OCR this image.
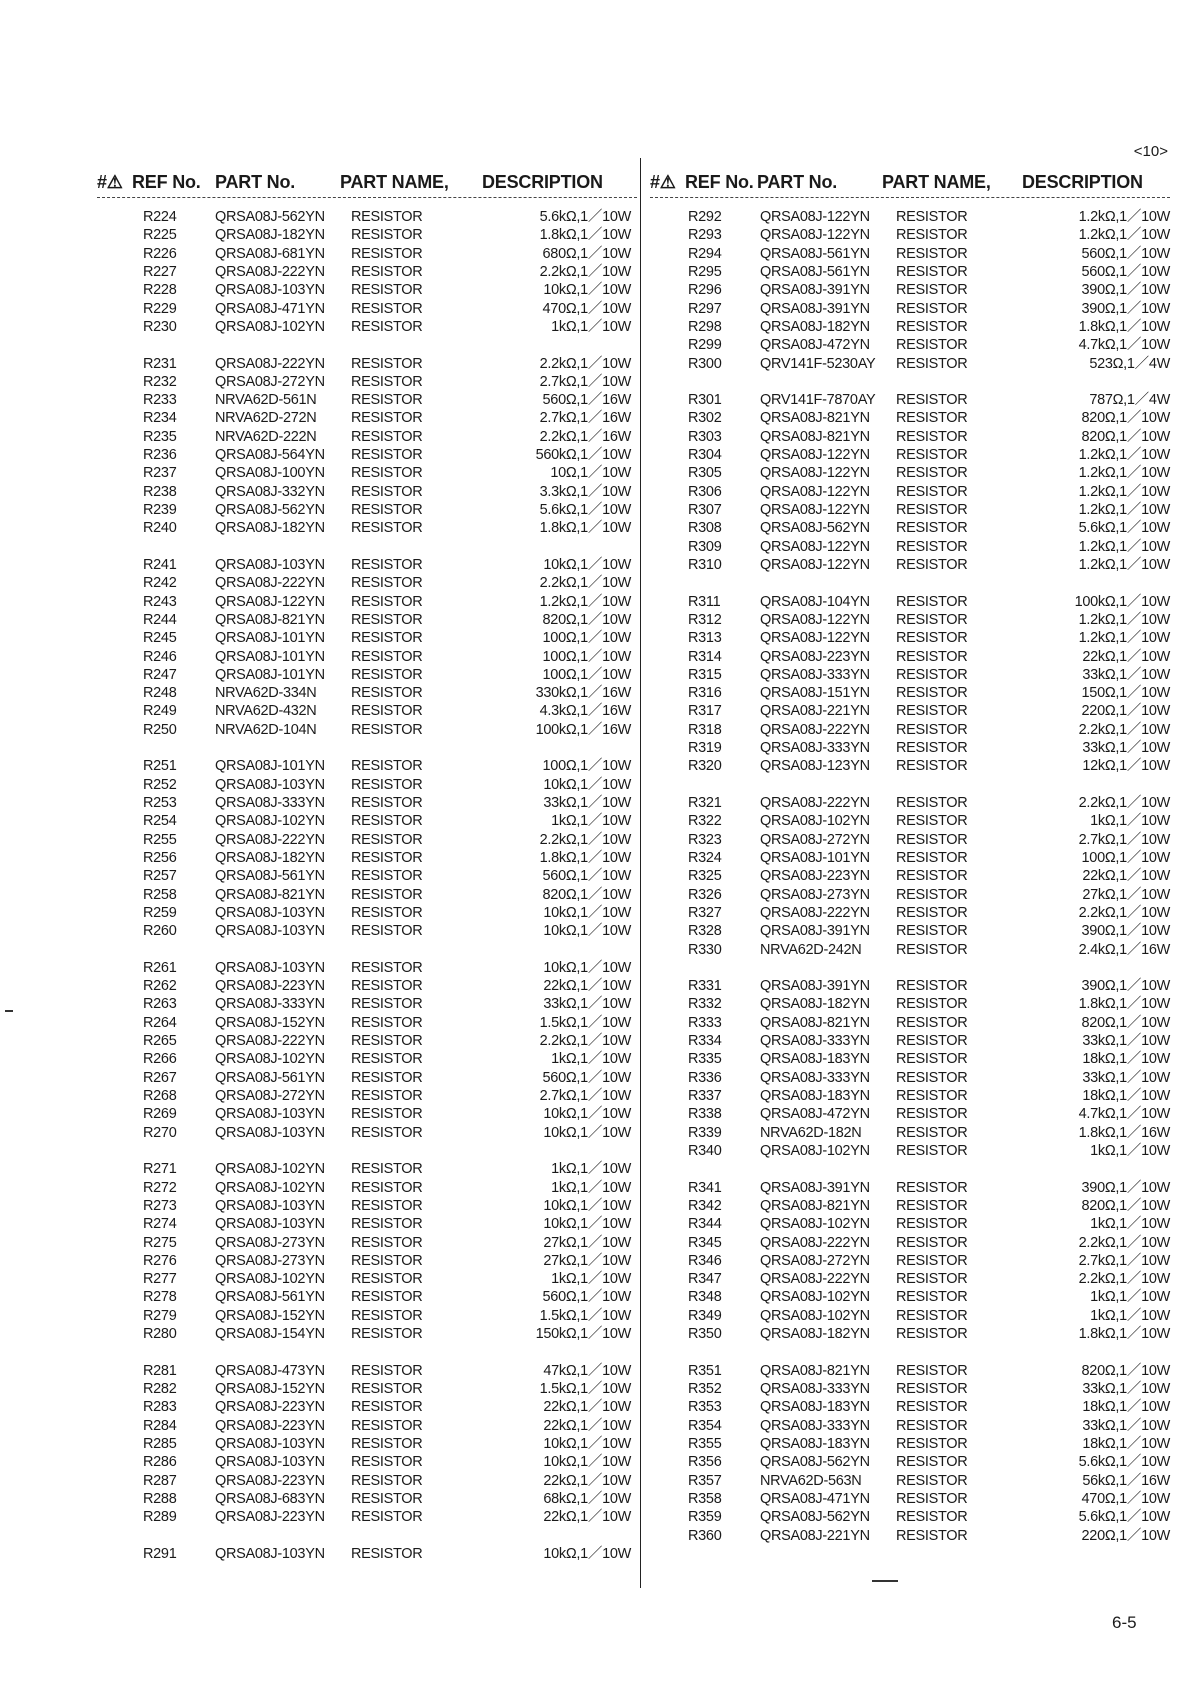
<10>
#⚠ REF No. PART No. PART NAME, DESCRIPTION	#⚠ REF No. PART No. PART NAME, DESCRIPTION
R224	QRSA08J-562YN RESISTOR	5.6kΩ,1／10W
R225	QRSA08J-182YN RESISTOR	1.8kΩ,1／10W
R226	QRSA08J-681YN RESISTOR	680Ω,1／10W
R227	QRSA08J-222YN RESISTOR	2.2kΩ,1／10W
R228	QRSA08J-103YN RESISTOR	10kΩ,1／10W
R229	QRSA08J-471YN RESISTOR	470Ω,1／10W
R230	QRSA08J-102YN RESISTOR	1kΩ,1／10W
R231	QRSA08J-222YN RESISTOR	2.2kΩ,1／10W
R232	QRSA08J-272YN RESISTOR	2.7kΩ,1／10W
R233	NRVA62D-561N RESISTOR	560Ω,1／16W
R234	NRVA62D-272N RESISTOR	2.7kΩ,1／16W
R235	NRVA62D-222N RESISTOR	2.2kΩ,1／16W
R236	QRSA08J-564YN RESISTOR	560kΩ,1／10W
R237	QRSA08J-100YN RESISTOR	10Ω,1／10W
R238	QRSA08J-332YN RESISTOR	3.3kΩ,1／10W
R239	QRSA08J-562YN RESISTOR	5.6kΩ,1／10W
R240	QRSA08J-182YN RESISTOR	1.8kΩ,1／10W
R241	QRSA08J-103YN RESISTOR	10kΩ,1／10W
R242	QRSA08J-222YN RESISTOR	2.2kΩ,1／10W
R243	QRSA08J-122YN RESISTOR	1.2kΩ,1／10W
R244	QRSA08J-821YN RESISTOR	820Ω,1／10W
R245	QRSA08J-101YN RESISTOR	100Ω,1／10W
R246	QRSA08J-101YN RESISTOR	100Ω,1／10W
R247	QRSA08J-101YN RESISTOR	100Ω,1／10W
R248	NRVA62D-334N RESISTOR	330kΩ,1／16W
R249	NRVA62D-432N RESISTOR	4.3kΩ,1／16W
R250	NRVA62D-104N RESISTOR	100kΩ,1／16W
R251	QRSA08J-101YN RESISTOR	100Ω,1／10W
R252	QRSA08J-103YN RESISTOR	10kΩ,1／10W
R253	QRSA08J-333YN RESISTOR	33kΩ,1／10W
R254	QRSA08J-102YN RESISTOR	1kΩ,1／10W
R255	QRSA08J-222YN RESISTOR	2.2kΩ,1／10W
R256	QRSA08J-182YN RESISTOR	1.8kΩ,1／10W
R257	QRSA08J-561YN RESISTOR	560Ω,1／10W
R258	QRSA08J-821YN RESISTOR	820Ω,1／10W
R259	QRSA08J-103YN RESISTOR	10kΩ,1／10W
R260	QRSA08J-103YN RESISTOR	10kΩ,1／10W
R261	QRSA08J-103YN RESISTOR	10kΩ,1／10W
R262	QRSA08J-223YN RESISTOR	22kΩ,1／10W
R263	QRSA08J-333YN RESISTOR	33kΩ,1／10W
R264	QRSA08J-152YN RESISTOR	1.5kΩ,1／10W
R265	QRSA08J-222YN RESISTOR	2.2kΩ,1／10W
R266	QRSA08J-102YN RESISTOR	1kΩ,1／10W
R267	QRSA08J-561YN RESISTOR	560Ω,1／10W
R268	QRSA08J-272YN RESISTOR	2.7kΩ,1／10W
R269	QRSA08J-103YN RESISTOR	10kΩ,1／10W
R270	QRSA08J-103YN RESISTOR	10kΩ,1／10W
R271	QRSA08J-102YN RESISTOR	1kΩ,1／10W
R272	QRSA08J-102YN RESISTOR	1kΩ,1／10W
R273	QRSA08J-103YN RESISTOR	10kΩ,1／10W
R274	QRSA08J-103YN RESISTOR	10kΩ,1／10W
R275	QRSA08J-273YN RESISTOR	27kΩ,1／10W
R276	QRSA08J-273YN RESISTOR	27kΩ,1／10W
R277	QRSA08J-102YN RESISTOR	1kΩ,1／10W
R278	QRSA08J-561YN RESISTOR	560Ω,1／10W
R279	QRSA08J-152YN RESISTOR	1.5kΩ,1／10W
R280	QRSA08J-154YN RESISTOR	150kΩ,1／10W
R281	QRSA08J-473YN RESISTOR	47kΩ,1／10W
R282	QRSA08J-152YN RESISTOR	1.5kΩ,1／10W
R283	QRSA08J-223YN RESISTOR	22kΩ,1／10W
R284	QRSA08J-223YN RESISTOR	22kΩ,1／10W
R285	QRSA08J-103YN RESISTOR	10kΩ,1／10W
R286	QRSA08J-103YN RESISTOR	10kΩ,1／10W
R287	QRSA08J-223YN RESISTOR	22kΩ,1／10W
R288	QRSA08J-683YN RESISTOR	68kΩ,1／10W
R289	QRSA08J-223YN RESISTOR	22kΩ,1／10W
R291	QRSA08J-103YN RESISTOR	10kΩ,1／10W
R292	QRSA08J-122YN RESISTOR	1.2kΩ,1／10W
R293	QRSA08J-122YN RESISTOR	1.2kΩ,1／10W
R294	QRSA08J-561YN RESISTOR	560Ω,1／10W
R295	QRSA08J-561YN RESISTOR	560Ω,1／10W
R296	QRSA08J-391YN RESISTOR	390Ω,1／10W
R297	QRSA08J-391YN RESISTOR	390Ω,1／10W
R298	QRSA08J-182YN RESISTOR	1.8kΩ,1／10W
R299	QRSA08J-472YN RESISTOR	4.7kΩ,1／10W
R300	QRV141F-5230AY RESISTOR	523Ω,1／4W
R301	QRV141F-7870AY RESISTOR	787Ω,1／4W
R302	QRSA08J-821YN RESISTOR	820Ω,1／10W
R303	QRSA08J-821YN RESISTOR	820Ω,1／10W
R304	QRSA08J-122YN RESISTOR	1.2kΩ,1／10W
R305	QRSA08J-122YN RESISTOR	1.2kΩ,1／10W
R306	QRSA08J-122YN RESISTOR	1.2kΩ,1／10W
R307	QRSA08J-122YN RESISTOR	1.2kΩ,1／10W
R308	QRSA08J-562YN RESISTOR	5.6kΩ,1／10W
R309	QRSA08J-122YN RESISTOR	1.2kΩ,1／10W
R310	QRSA08J-122YN RESISTOR	1.2kΩ,1／10W
R311	QRSA08J-104YN RESISTOR	100kΩ,1／10W
R312	QRSA08J-122YN RESISTOR	1.2kΩ,1／10W
R313	QRSA08J-122YN RESISTOR	1.2kΩ,1／10W
R314	QRSA08J-223YN RESISTOR	22kΩ,1／10W
R315	QRSA08J-333YN RESISTOR	33kΩ,1／10W
R316	QRSA08J-151YN RESISTOR	150Ω,1／10W
R317	QRSA08J-221YN RESISTOR	220Ω,1／10W
R318	QRSA08J-222YN RESISTOR	2.2kΩ,1／10W
R319	QRSA08J-333YN RESISTOR	33kΩ,1／10W
R320	QRSA08J-123YN RESISTOR	12kΩ,1／10W
R321	QRSA08J-222YN RESISTOR	2.2kΩ,1／10W
R322	QRSA08J-102YN RESISTOR	1kΩ,1／10W
R323	QRSA08J-272YN RESISTOR	2.7kΩ,1／10W
R324	QRSA08J-101YN RESISTOR	100Ω,1／10W
R325	QRSA08J-223YN RESISTOR	22kΩ,1／10W
R326	QRSA08J-273YN RESISTOR	27kΩ,1／10W
R327	QRSA08J-222YN RESISTOR	2.2kΩ,1／10W
R328	QRSA08J-391YN RESISTOR	390Ω,1／10W
R330	NRVA62D-242N RESISTOR	2.4kΩ,1／16W
R331	QRSA08J-391YN RESISTOR	390Ω,1／10W
R332	QRSA08J-182YN RESISTOR	1.8kΩ,1／10W
R333	QRSA08J-821YN RESISTOR	820Ω,1／10W
R334	QRSA08J-333YN RESISTOR	33kΩ,1／10W
R335	QRSA08J-183YN RESISTOR	18kΩ,1／10W
R336	QRSA08J-333YN RESISTOR	33kΩ,1／10W
R337	QRSA08J-183YN RESISTOR	18kΩ,1／10W
R338	QRSA08J-472YN RESISTOR	4.7kΩ,1／10W
R339	NRVA62D-182N RESISTOR	1.8kΩ,1／16W
R340	QRSA08J-102YN RESISTOR	1kΩ,1／10W
R341	QRSA08J-391YN RESISTOR	390Ω,1／10W
R342	QRSA08J-821YN RESISTOR	820Ω,1／10W
R344	QRSA08J-102YN RESISTOR	1kΩ,1／10W
R345	QRSA08J-222YN RESISTOR	2.2kΩ,1／10W
R346	QRSA08J-272YN RESISTOR	2.7kΩ,1／10W
R347	QRSA08J-222YN RESISTOR	2.2kΩ,1／10W
R348	QRSA08J-102YN RESISTOR	1kΩ,1／10W
R349	QRSA08J-102YN RESISTOR	1kΩ,1／10W
R350	QRSA08J-182YN RESISTOR	1.8kΩ,1／10W
R351	QRSA08J-821YN RESISTOR	820Ω,1／10W
R352	QRSA08J-333YN RESISTOR	33kΩ,1／10W
R353	QRSA08J-183YN RESISTOR	18kΩ,1／10W
R354	QRSA08J-333YN RESISTOR	33kΩ,1／10W
R355	QRSA08J-183YN RESISTOR	18kΩ,1／10W
R356	QRSA08J-562YN RESISTOR	5.6kΩ,1／10W
R357	NRVA62D-563N RESISTOR	56kΩ,1／16W
R358	QRSA08J-471YN RESISTOR	470Ω,1／10W
R359	QRSA08J-562YN RESISTOR	5.6kΩ,1／10W
R360	QRSA08J-221YN RESISTOR	220Ω,1／10W
6-5
